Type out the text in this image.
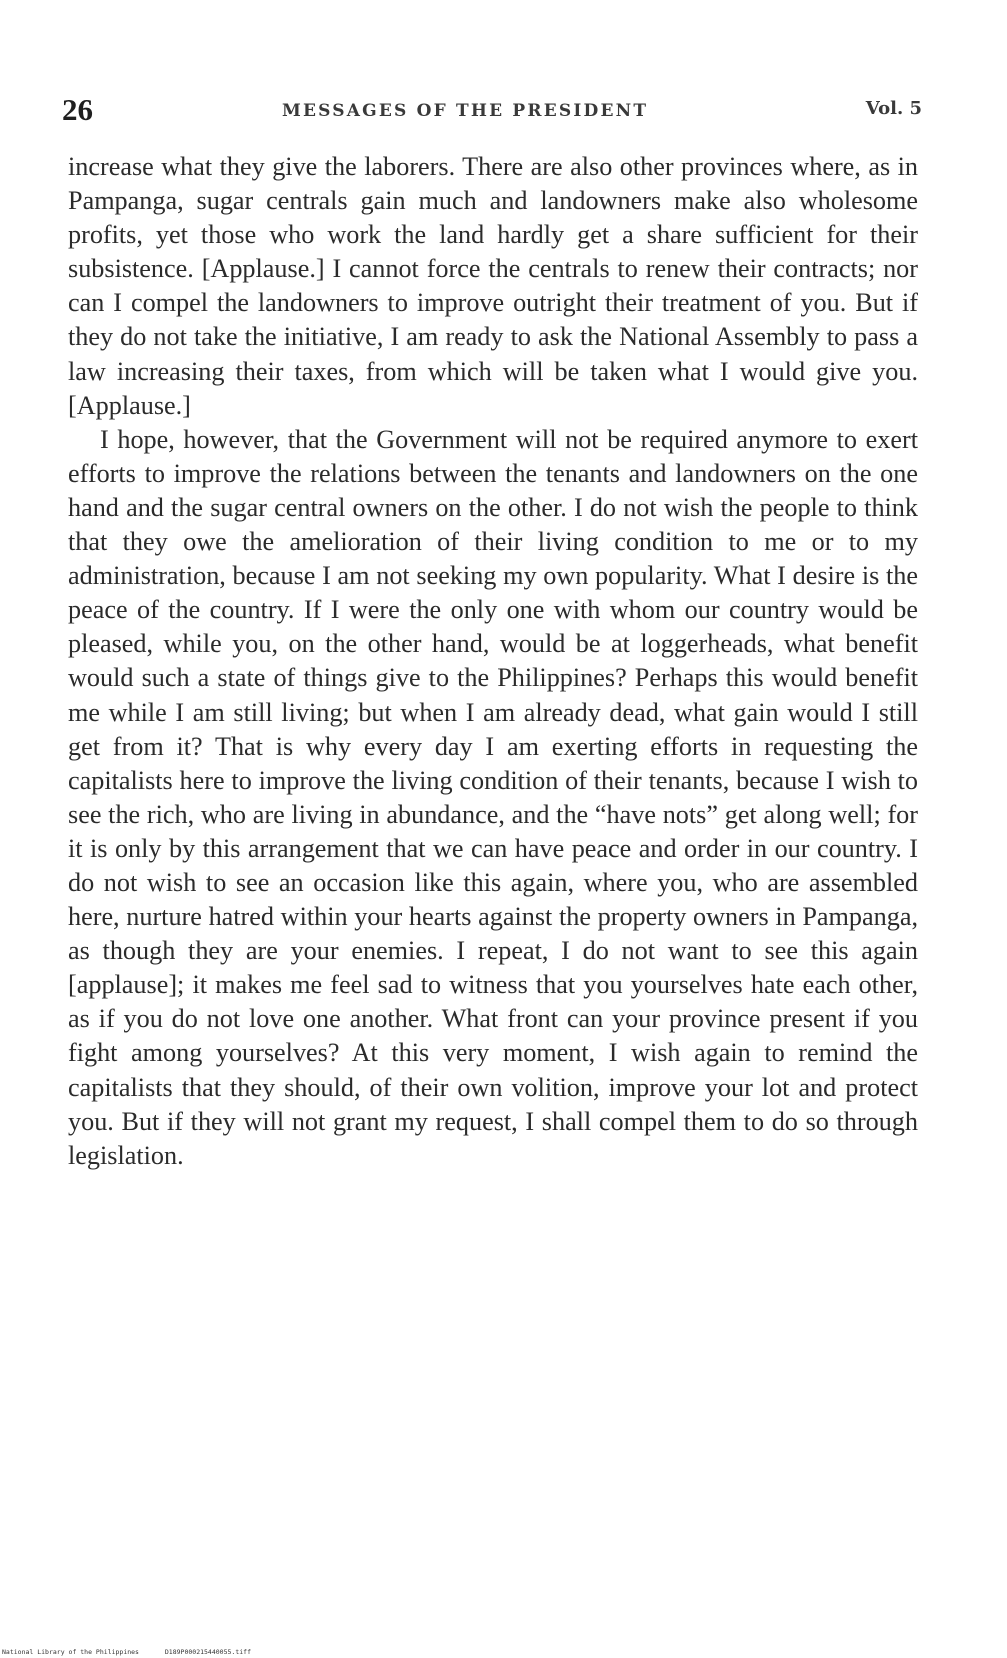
26	MESSAGES OF THE PRESIDENT	Vol. 5

increase what they give the laborers. There are also other provinces where, as in Pampanga, sugar centrals gain much and landowners make also wholesome profits, yet those who work the land hardly get a share sufficient for their subsistence. [Applause.] I cannot force the centrals to renew their contracts; nor can I compel the landowners to improve outright their treatment of you. But if they do not take the initiative, I am ready to ask the National Assembly to pass a law increasing their taxes, from which will be taken what I would give you. [Applause.]

I hope, however, that the Government will not be required anymore to exert efforts to improve the relations between the tenants and landowners on the one hand and the sugar central owners on the other. I do not wish the people to think that they owe the amelioration of their living condition to me or to my administration, because I am not seeking my own popularity. What I desire is the peace of the country. If I were the only one with whom our country would be pleased, while you, on the other hand, would be at loggerheads, what benefit would such a state of things give to the Philippines? Perhaps this would benefit me while I am still living; but when I am already dead, what gain would I still get from it? That is why every day I am exerting efforts in requesting the capitalists here to improve the living condition of their tenants, because I wish to see the rich, who are living in abundance, and the “have nots” get along well; for it is only by this arrangement that we can have peace and order in our country. I do not wish to see an occasion like this again, where you, who are assembled here, nurture hatred within your hearts against the property owners in Pampanga, as though they are your enemies. I repeat, I do not want to see this again [applause]; it makes me feel sad to witness that you yourselves hate each other, as if you do not love one another. What front can your province present if you fight among yourselves? At this very moment, I wish again to remind the capitalists that they should, of their own volition, improve your lot and protect you. But if they will not grant my request, I shall compel them to do so through legislation.

National Library of the Philippines	D189P000215440055.tiff
